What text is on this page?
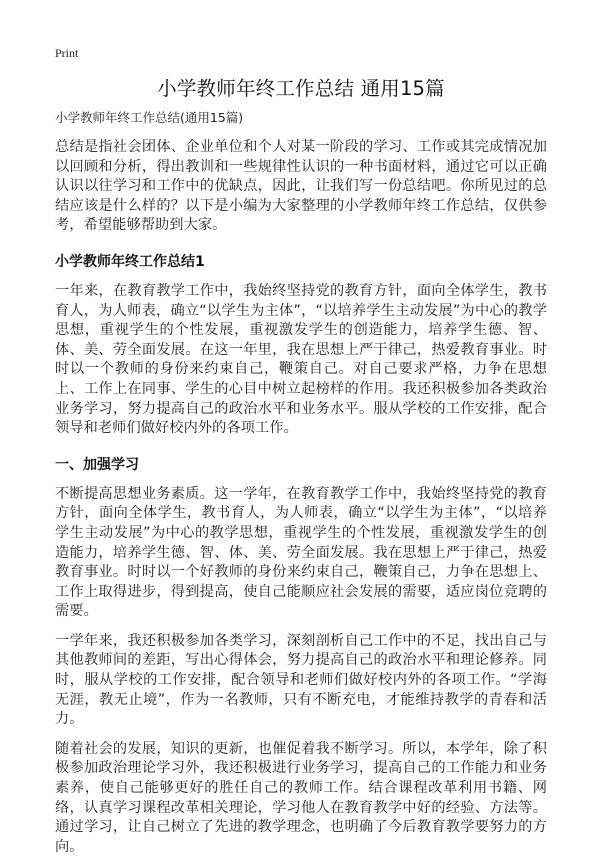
Print

小学教师年终工作总结 通用15篇

小学教师年终工作总结(通用15篇)

总结是指社会团体、企业单位和个人对某一阶段的学习、工作或其完成情况加以回顾和分析，得出教训和一些规律性认识的一种书面材料，通过它可以正确认识以往学习和工作中的优缺点，因此，让我们写一份总结吧。你所见过的总结应该是什么样的？以下是小编为大家整理的小学教师年终工作总结，仅供参考，希望能够帮助到大家。

小学教师年终工作总结1

一年来，在教育教学工作中，我始终坚持党的教育方针，面向全体学生，教书育人，为人师表，确立“以学生为主体”，“以培养学生主动发展”为中心的教学思想，重视学生的个性发展，重视激发学生的创造能力，培养学生德、智、体、美、劳全面发展。在这一年里，我在思想上严于律己，热爱教育事业。时时以一个教师的身份来约束自己，鞭策自己。对自己要求严格，力争在思想上、工作上在同事、学生的心目中树立起榜样的作用。我还积极参加各类政治业务学习，努力提高自己的政治水平和业务水平。服从学校的工作安排，配合领导和老师们做好校内外的各项工作。

一、加强学习

不断提高思想业务素质。这一学年，在教育教学工作中，我始终坚持党的教育方针，面向全体学生，教书育人，为人师表，确立“以学生为主体”，“以培养学生主动发展”为中心的教学思想，重视学生的个性发展，重视激发学生的创造能力，培养学生德、智、体、美、劳全面发展。我在思想上严于律己，热爱教育事业。时时以一个好教师的身份来约束自己，鞭策自己，力争在思想上、工作上取得进步，得到提高，使自己能顺应社会发展的需要，适应岗位竞聘的需要。

一学年来，我还积极参加各类学习，深刻剖析自己工作中的不足，找出自己与其他教师间的差距，写出心得体会，努力提高自己的政治水平和理论修养。同时，服从学校的工作安排，配合领导和老师们做好校内外的各项工作。“学海无涯，教无止境”，作为一名教师，只有不断充电，才能维持教学的青春和活力。

随着社会的发展，知识的更新，也催促着我不断学习。所以，本学年，除了积极参加政治理论学习外，我还积极进行业务学习，提高自己的工作能力和业务素养，使自己能够更好的胜任自己的教师工作。结合课程改革利用书籍、网络，认真学习课程改革相关理论，学习他人在教育教学中好的经验、方法等。通过学习，让自己树立了先进的教学理念，也明确了今后教育教学要努力的方向。
